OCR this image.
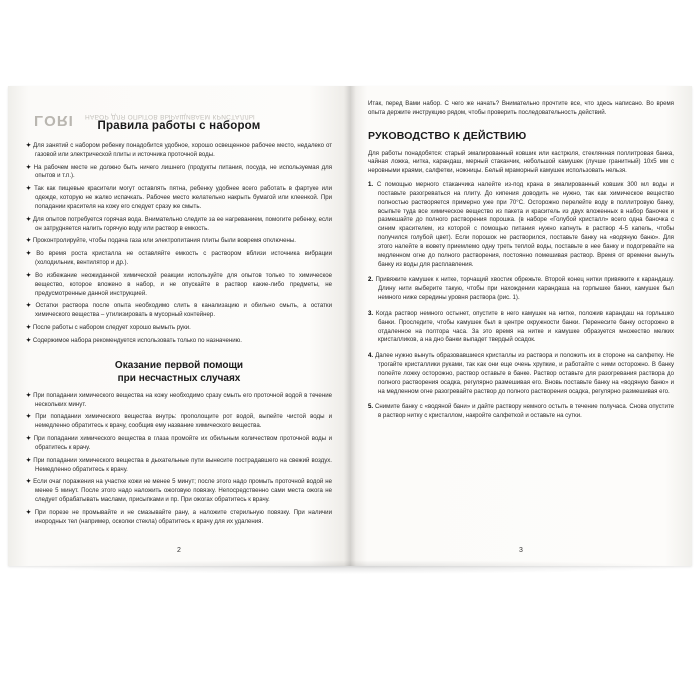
LORI	НАБОР ДЛЯ ОПЫТОВ ВЫРАЩИВАЕМ КРИСТАЛЛЫ
Правила работы с набором

✦ Для занятий с набором ребенку понадобится удобное, хорошо освещенное рабочее место, недалеко от газовой или электрической плиты и источника проточной воды.

✦ На рабочем месте не должно быть ничего лишнего (продукты питания, посуда, не используемая для опытов и т.п.).

✦ Так как пищевые красители могут оставлять пятна, ребенку удобнее всего работать в фартуке или одежде, которую не жалко испачкать. Рабочее место желательно накрыть бумагой или клеенкой. При попадании красителя на кожу его следует сразу же смыть.

✦ Для опытов потребуется горячая вода. Внимательно следите за ее нагреванием, помогите ребенку, если он затрудняется налить горячую воду или раствор в емкость.

✦ Проконтролируйте, чтобы подача газа или электропитания плиты были вовремя отключены.

✦ Во время роста кристалла не оставляйте емкость с раствором вблизи источника вибрации (холодильник, вентилятор и др.).

✦ Во избежание неожиданной химической реакции используйте для опытов только то химическое вещество, которое вложено в набор, и не опускайте в раствор какие-либо предметы, не предусмотренные данной инструкцией.

✦ Остатки раствора после опыта необходимо слить в канализацию и обильно смыть, а остатки химического вещества – утилизировать в мусорный контейнер.

✦ После работы с набором следует хорошо вымыть руки.

✦ Содержимое набора рекомендуется использовать только по назначению.

Оказание первой помощи
при несчастных случаях

✦ При попадании химического вещества на кожу необходимо сразу смыть его проточной водой в течение нескольких минут.

✦ При попадании химического вещества внутрь: прополощите рот водой, выпейте чистой воды и немедленно обратитесь к врачу, сообщив ему название химического вещества.

✦ При попадании химического вещества в глаза промойте их обильным количеством проточной воды и обратитесь к врачу.

✦ При попадании химического вещества в дыхательные пути вынесите пострадавшего на свежий воздух. Немедленно обратитесь к врачу.

✦ Если очаг поражения на участке кожи не менее 5 минут; после этого надо промыть проточной водой не менее 5 минут. После этого надо наложить ожоговую повязку. Непосредственно сами места ожога не следует обрабатывать маслами, присыпками и пр. При ожогах обратитесь к врачу.

✦ При порезе не промывайте и не смазывайте рану, а наложите стерильную повязку. При наличии инородных тел (например, осколки стекла) обратитесь к врачу для их удаления.

2

Итак, перед Вами набор. С чего же начать? Внимательно прочтите все, что здесь написано. Во время опыта держите инструкцию рядом, чтобы проверить последовательность действий.

РУКОВОДСТВО К ДЕЙСТВИЮ

Для работы понадобятся: старый эмалированный ковшик или кастрюля, стеклянная поллитровая банка, чайная ложка, нитка, карандаш, мерный стаканчик, небольшой камушек (лучше гранитный) 10х5 мм с неровными краями, салфетки, ножницы. Белый мраморный камушек использовать нельзя.

1. С помощью мерного стаканчика налейте из-под крана в эмалированный ковшик 300 мл воды и поставьте разогреваться на плиту. До кипения доводить не нужно, так как химическое вещество полностью растворяется примерно уже при 70°C. Осторожно перелейте воду в поллитровую банку, всыпьте туда все химическое вещество из пакета и краситель из двух вложенных в набор баночек и размешайте до полного растворения порошка. (в наборе «Голубой кристалл» всего одна баночка с синим красителем, из которой с помощью питания нужно капнуть в раствор 4-5 капель, чтобы получился голубой цвет). Если порошок не растворился, поставьте банку на «водяную баню». Для этого налейте в кювету приемлемо одну треть теплой воды, поставьте в нее банку и подогревайте на медленном огне до полного растворения, постоянно помешивая раствор. Время от времени вынуть банку из воды для расплавления.

2. Привяжите камушек к нитке, торчащий хвостик обрежьте. Второй конец нитки привяжите к карандашу. Длину нити выберите такую, чтобы при нахождении карандаша на горлышке банки, камушек был немного ниже середины уровня раствора (рис. 1).

3. Когда раствор немного остынет, опустите в него камушек на нитке, положив карандаш на горлышко банки. Проследите, чтобы камушек был в центре окружности банки. Перенесите банку осторожно в отдаленное на полтора часа. За это время на нитке и камушке образуется множество мелких кристалликов, а на дно банки выпадет твердый осадок.

4. Далее нужно вынуть образовавшиеся кристаллы из раствора и положить их в стороне на салфетку. Не трогайте кристаллики руками, так как они еще очень хрупкие, и работайте с ними осторожно. В банку полейте ложку осторожно, раствор оставьте в банке. Раствор оставьте для разогревания раствора до полного растворения осадка, регулярно размешивая его. Вновь поставьте банку на «водяную баню» и на медленном огне разогревайте раствор до полного растворения осадка, регулярно размешивая его.

5. Снимите банку с «водяной бани» и дайте раствору немного остыть в течение получаса. Снова опустите в раствор нитку с кристаллом, накройте салфеткой и оставьте на сутки.

3
